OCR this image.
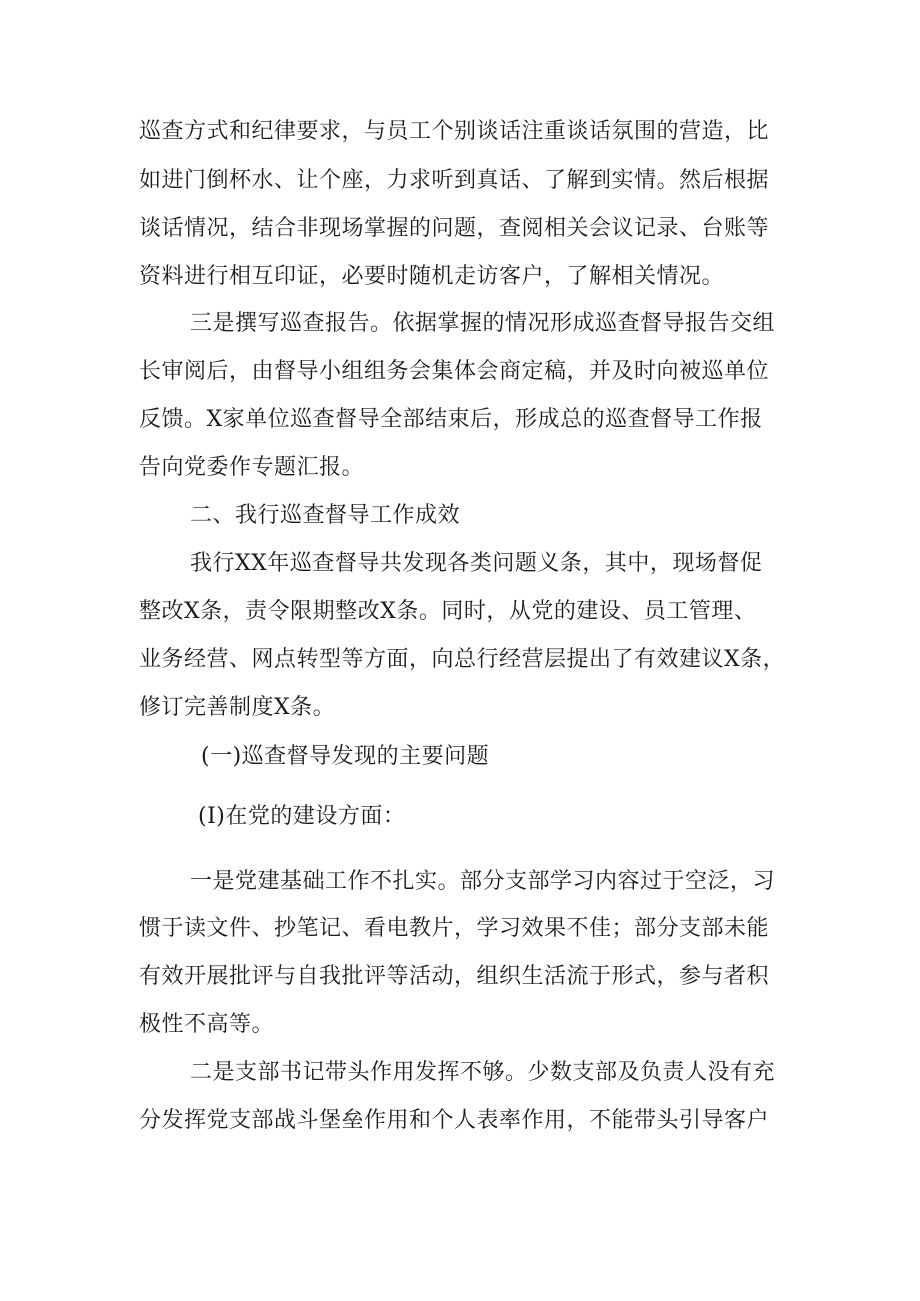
巡查方式和纪律要求，与员工个别谈话注重谈话氛围的营造，比

如进门倒杯水、让个座，力求听到真话、了解到实情。然后根据

谈话情况，结合非现场掌握的问题，查阅相关会议记录、台账等

资料进行相互印证，必要时随机走访客户，了解相关情况。

三是撰写巡查报告。依据掌握的情况形成巡查督导报告交组

长审阅后，由督导小组组务会集体会商定稿，并及时向被巡单位

反馈。X家单位巡查督导全部结束后，形成总的巡查督导工作报

告向党委作专题汇报。

二、我行巡查督导工作成效

我行XX年巡查督导共发现各类问题义条，其中，现场督促

整改X条，责令限期整改X条。同时，从党的建设、员工管理、

业务经营、网点转型等方面，向总行经营层提出了有效建议X条，

修订完善制度X条。

(一)巡查督导发现的主要问题

(I)在党的建设方面：

一是党建基础工作不扎实。部分支部学习内容过于空泛，习

惯于读文件、抄笔记、看电教片，学习效果不佳；部分支部未能

有效开展批评与自我批评等活动，组织生活流于形式，参与者积

极性不高等。

二是支部书记带头作用发挥不够。少数支部及负责人没有充

分发挥党支部战斗堡垒作用和个人表率作用，不能带头引导客户
